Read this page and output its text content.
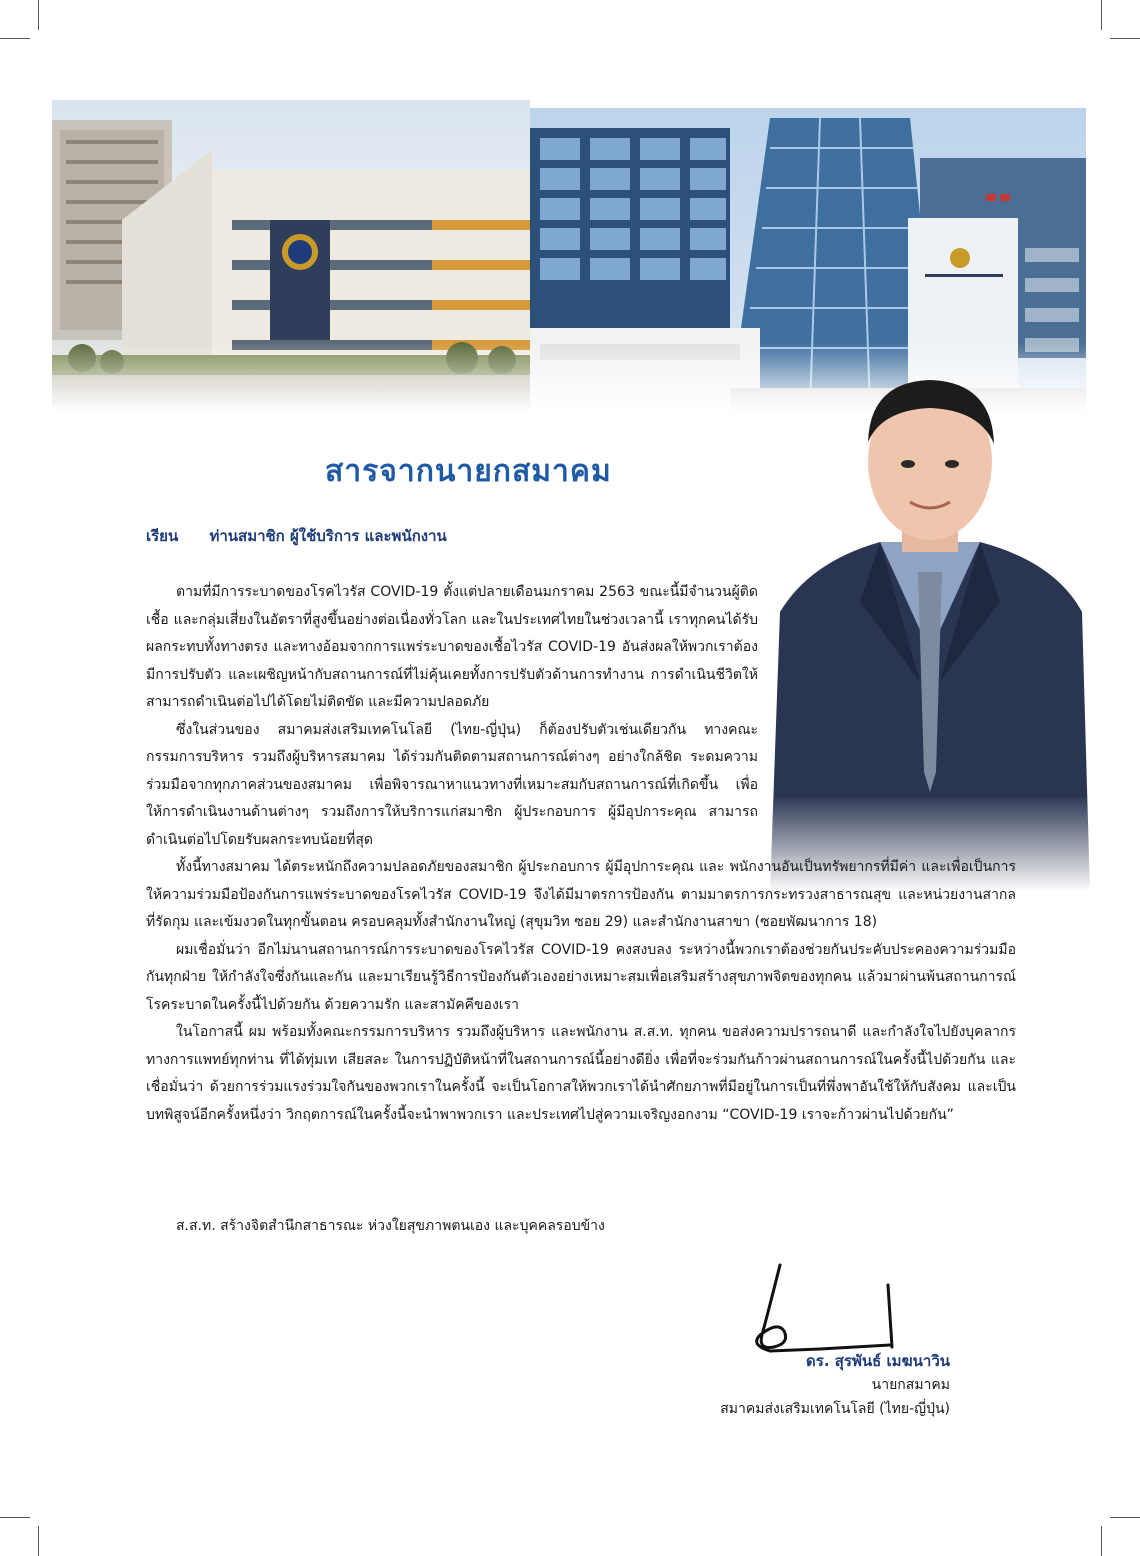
สารจากนายกสมาคม
เรียน ท่านสมาชิก ผู้ใช้บริการ และพนักงาน

ตามที่มีการระบาดของโรคไวรัส COVID-19 ตั้งแต่ปลายเดือนมกราคม 2563 ขณะนี้มีจำนวนผู้ติดเชื้อ และกลุ่มเสี่ยงในอัตราที่สูงขึ้นอย่างต่อเนื่องทั่วโลก และในประเทศไทยในช่วงเวลานี้ เราทุกคนได้รับผลกระทบทั้งทางตรง และทางอ้อมจากการแพร่ระบาดของเชื้อไวรัส COVID-19 อันส่งผลให้พวกเราต้องมีการปรับตัว และเผชิญหน้ากับสถานการณ์ที่ไม่คุ้นเคยทั้งการปรับตัวด้านการทำงาน การดำเนินชีวิตให้สามารถดำเนินต่อไปได้โดยไม่ติดขัด และมีความปลอดภัย

ซึ่งในส่วนของ สมาคมส่งเสริมเทคโนโลยี (ไทย-ญี่ปุ่น) ก็ต้องปรับตัวเช่นเดียวกัน ทางคณะกรรมการบริหาร รวมถึงผู้บริหารสมาคม ได้ร่วมกันติดตามสถานการณ์ต่างๆ อย่างใกล้ชิด ระดมความร่วมมือจากทุกภาคส่วนของสมาคม เพื่อพิจารณาหาแนวทางที่เหมาะสมกับสถานการณ์ที่เกิดขึ้น เพื่อให้การดำเนินงานด้านต่างๆ รวมถึงการให้บริการแก่สมาชิก ผู้ประกอบการ ผู้มีอุปการะคุณ สามารถดำเนินต่อไปโดยรับผลกระทบน้อยที่สุด

ทั้งนี้ทางสมาคม ได้ตระหนักถึงความปลอดภัยของสมาชิก ผู้ประกอบการ ผู้มีอุปการะคุณ และ พนักงานอันเป็นทรัพยากรที่มีค่า และเพื่อเป็นการให้ความร่วมมือป้องกันการแพร่ระบาดของโรคไวรัส COVID-19 จึงได้มีมาตรการป้องกัน ตามมาตรการกระทรวงสาธารณสุข และหน่วยงานสากล ที่รัดกุม และเข้มงวดในทุกขั้นตอน ครอบคลุมทั้งสำนักงานใหญ่ (สุขุมวิท ซอย 29) และสำนักงานสาขา (ซอยพัฒนาการ 18)

ผมเชื่อมั่นว่า อีกไม่นานสถานการณ์การระบาดของโรคไวรัส COVID-19 คงสงบลง ระหว่างนี้พวกเราต้องช่วยกันประคับประคองความร่วมมือกันทุกฝ่าย ให้กำลังใจซึ่งกันและกัน และมาเรียนรู้วิธีการป้องกันตัวเองอย่างเหมาะสมเพื่อเสริมสร้างสุขภาพจิตของทุกคน แล้วมาผ่านพ้นสถานการณ์โรคระบาดในครั้งนี้ไปด้วยกัน ด้วยความรัก และสามัคคีของเรา

ในโอกาสนี้ ผม พร้อมทั้งคณะกรรมการบริหาร รวมถึงผู้บริหาร และพนักงาน ส.ส.ท. ทุกคน ขอส่งความปรารถนาดี และกำลังใจไปยังบุคลากรทางการแพทย์ทุกท่าน ที่ได้ทุ่มเท เสียสละ ในการปฏิบัติหน้าที่ในสถานการณ์นี้อย่างดียิ่ง เพื่อที่จะร่วมกันก้าวผ่านสถานการณ์ในครั้งนี้ไปด้วยกัน และเชื่อมั่นว่า ด้วยการร่วมแรงร่วมใจกันของพวกเราในครั้งนี้ จะเป็นโอกาสให้พวกเราได้นำศักยภาพที่มีอยู่ในการเป็นที่พึ่งพาอันใช้ให้กับสังคม และเป็นบทพิสูจน์อีกครั้งหนึ่งว่า วิกฤตการณ์ในครั้งนี้จะนำพาพวกเรา และประเทศไปสู่ความเจริญงอกงาม “COVID-19 เราจะก้าวผ่านไปด้วยกัน”

ส.ส.ท. สร้างจิตสำนึกสาธารณะ ห่วงใยสุขภาพตนเอง และบุคคลรอบข้าง
ดร. สุรพันธ์ เมฆนาวิน
นายกสมาคม
สมาคมส่งเสริมเทคโนโลยี (ไทย-ญี่ปุ่น)
